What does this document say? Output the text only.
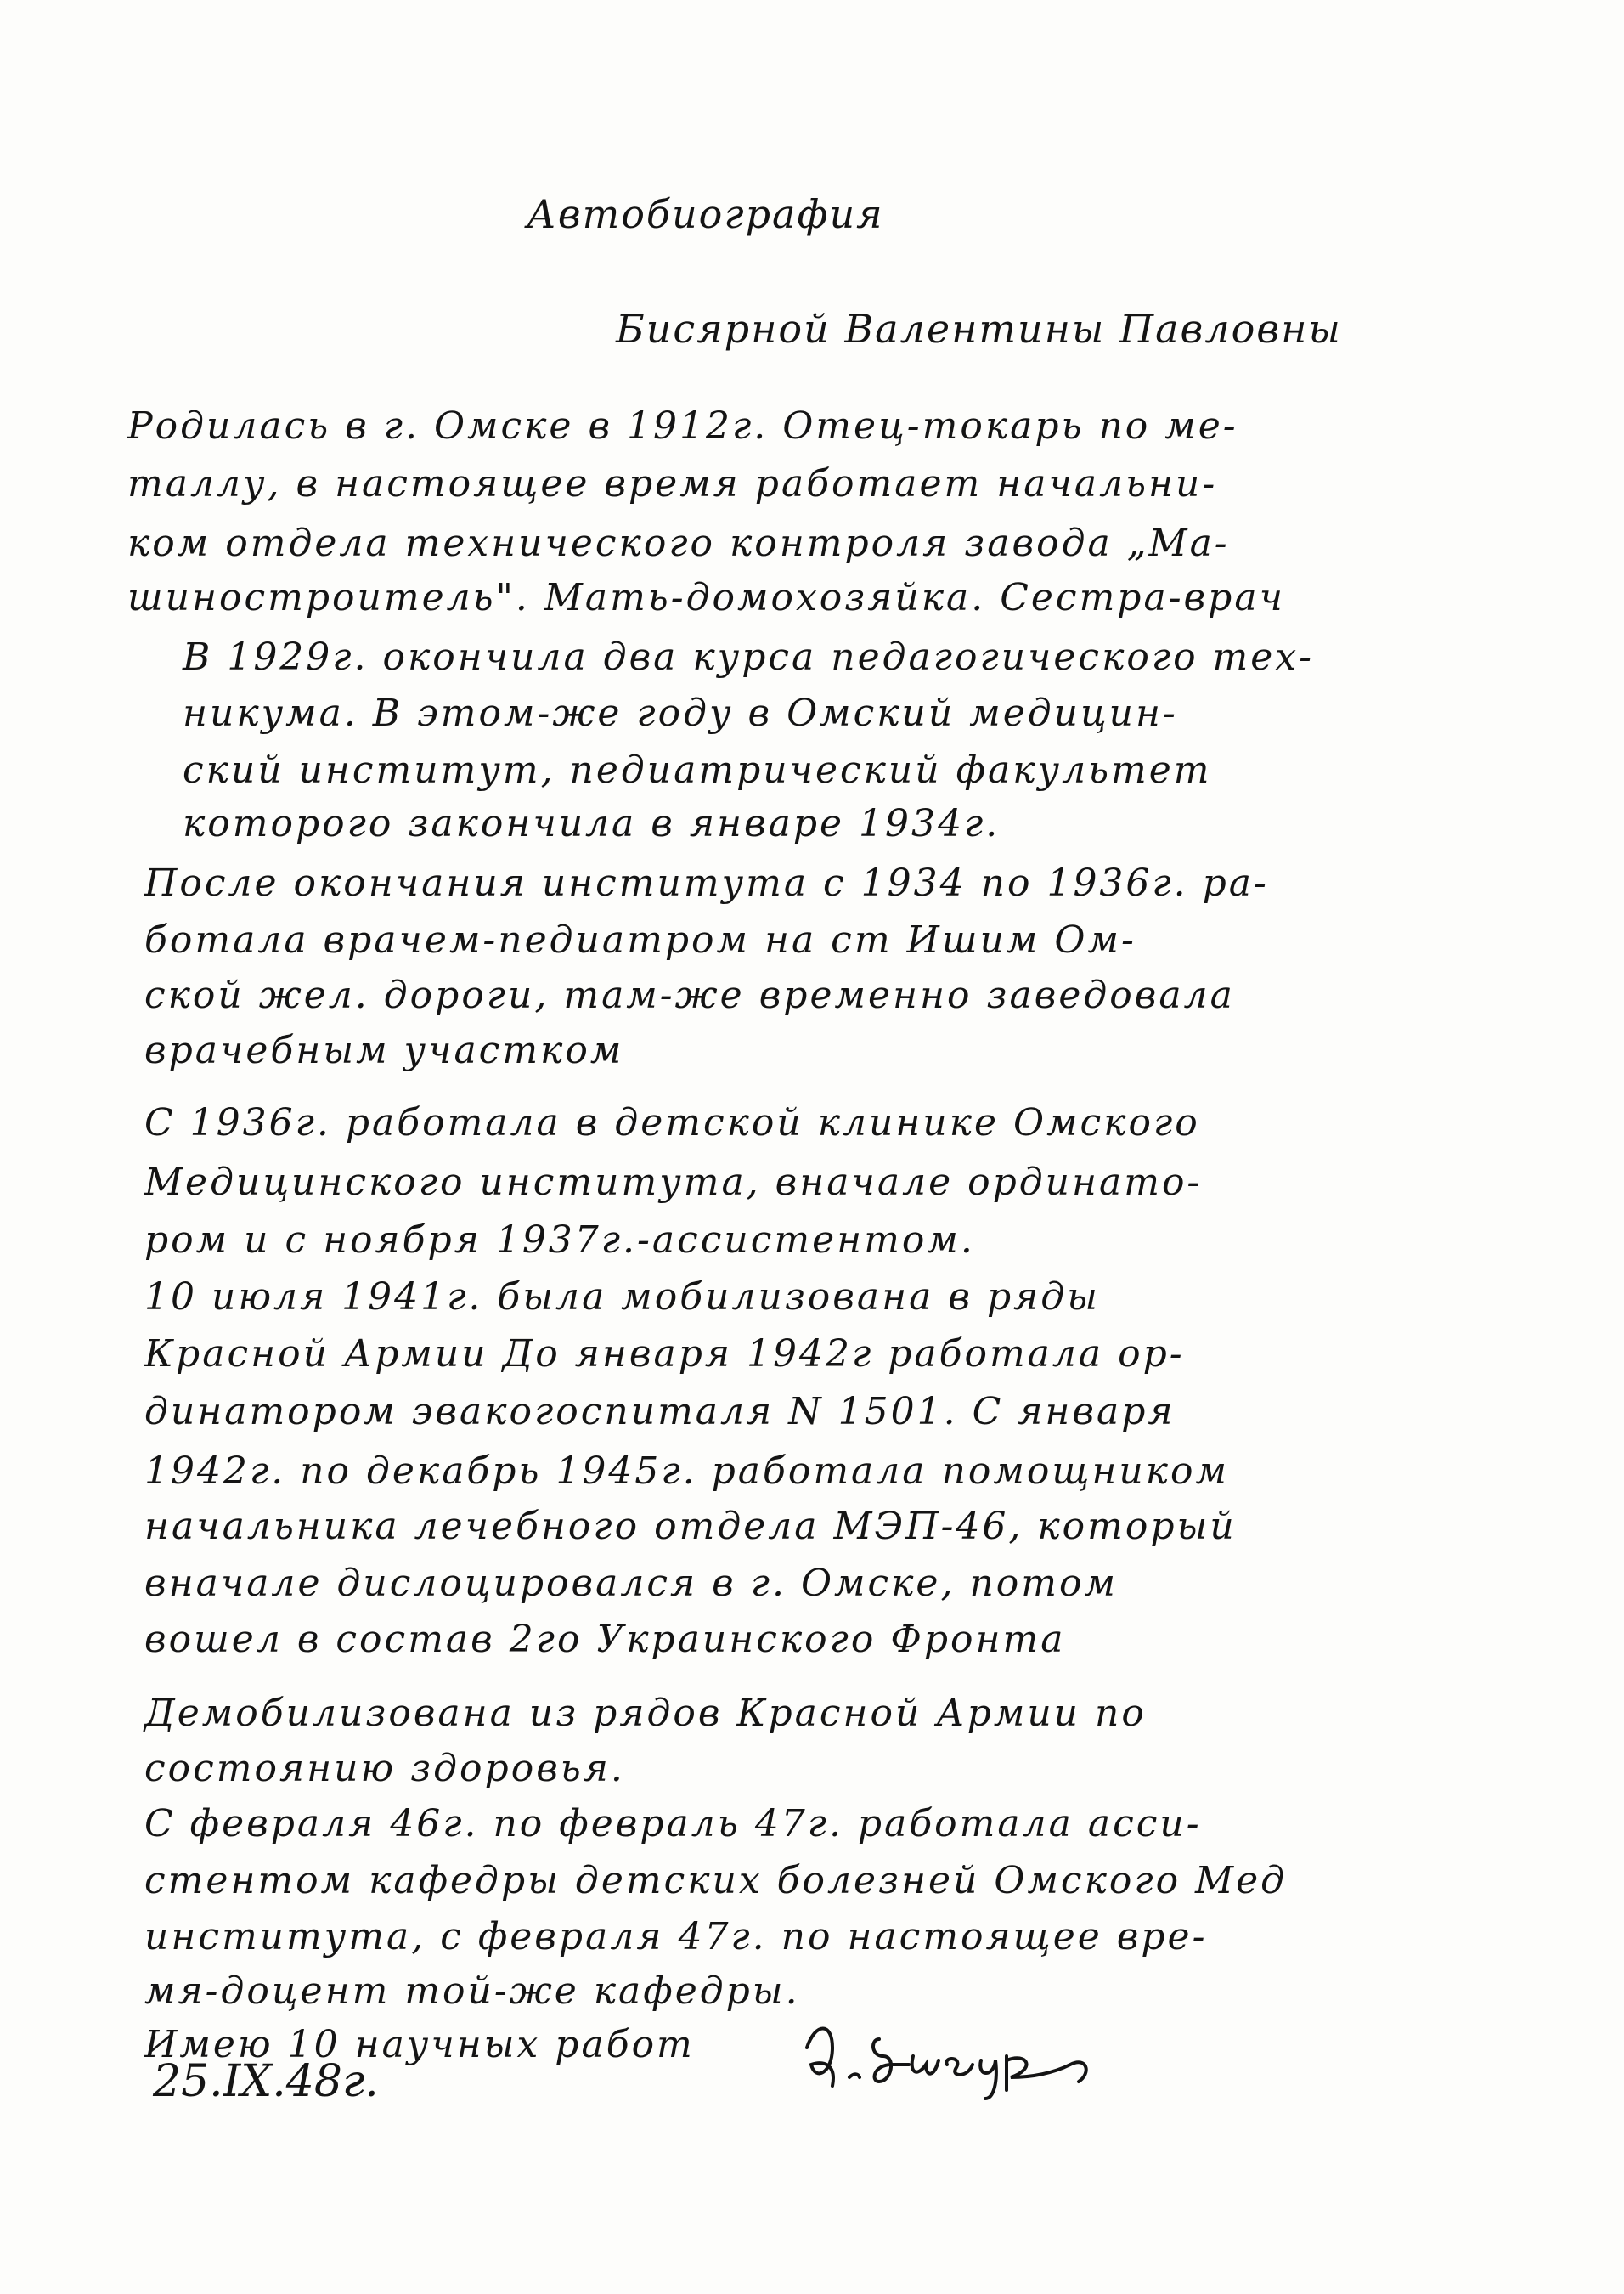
Автобиография
Бисярной Валентины Павловны
Родилась в г. Омске в 1912г. Отец-токарь по ме-
таллу, в настоящее время работает начальни-
ком отдела технического контроля завода „Ма-
шиностроитель". Мать-домохозяйка. Сестра-врач
В 1929г. окончила два курса педагогического тех-
никума. В этом-же году в Омский медицин-
ский институт, педиатрический факультет
которого закончила в январе 1934г.
После окончания института с 1934 по 1936г. ра-
ботала врачем-педиатром на ст Ишим Ом-
ской жел. дороги, там-же временно заведовала
врачебным участком
С 1936г. работала в детской клинике Омского
Медицинского института, вначале ординато-
ром и с ноября 1937г.-ассистентом.
10 июля 1941г. была мобилизована в ряды
Красной Армии До января 1942г работала ор-
динатором эвакогоспиталя N 1501. С января
1942г. по декабрь 1945г. работала помощником
начальника лечебного отдела МЭП-46, который
вначале дислоцировался в г. Омске, потом
вошел в состав 2го Украинского Фронта
Демобилизована из рядов Красной Армии по
состоянию здоровья.
С февраля 46г. по февраль 47г. работала асси-
стентом кафедры детских болезней Омского Мед
института, с февраля 47г. по настоящее вре-
мя-доцент той-же кафедры.
Имею 10 научных работ
25.IX.48г.
